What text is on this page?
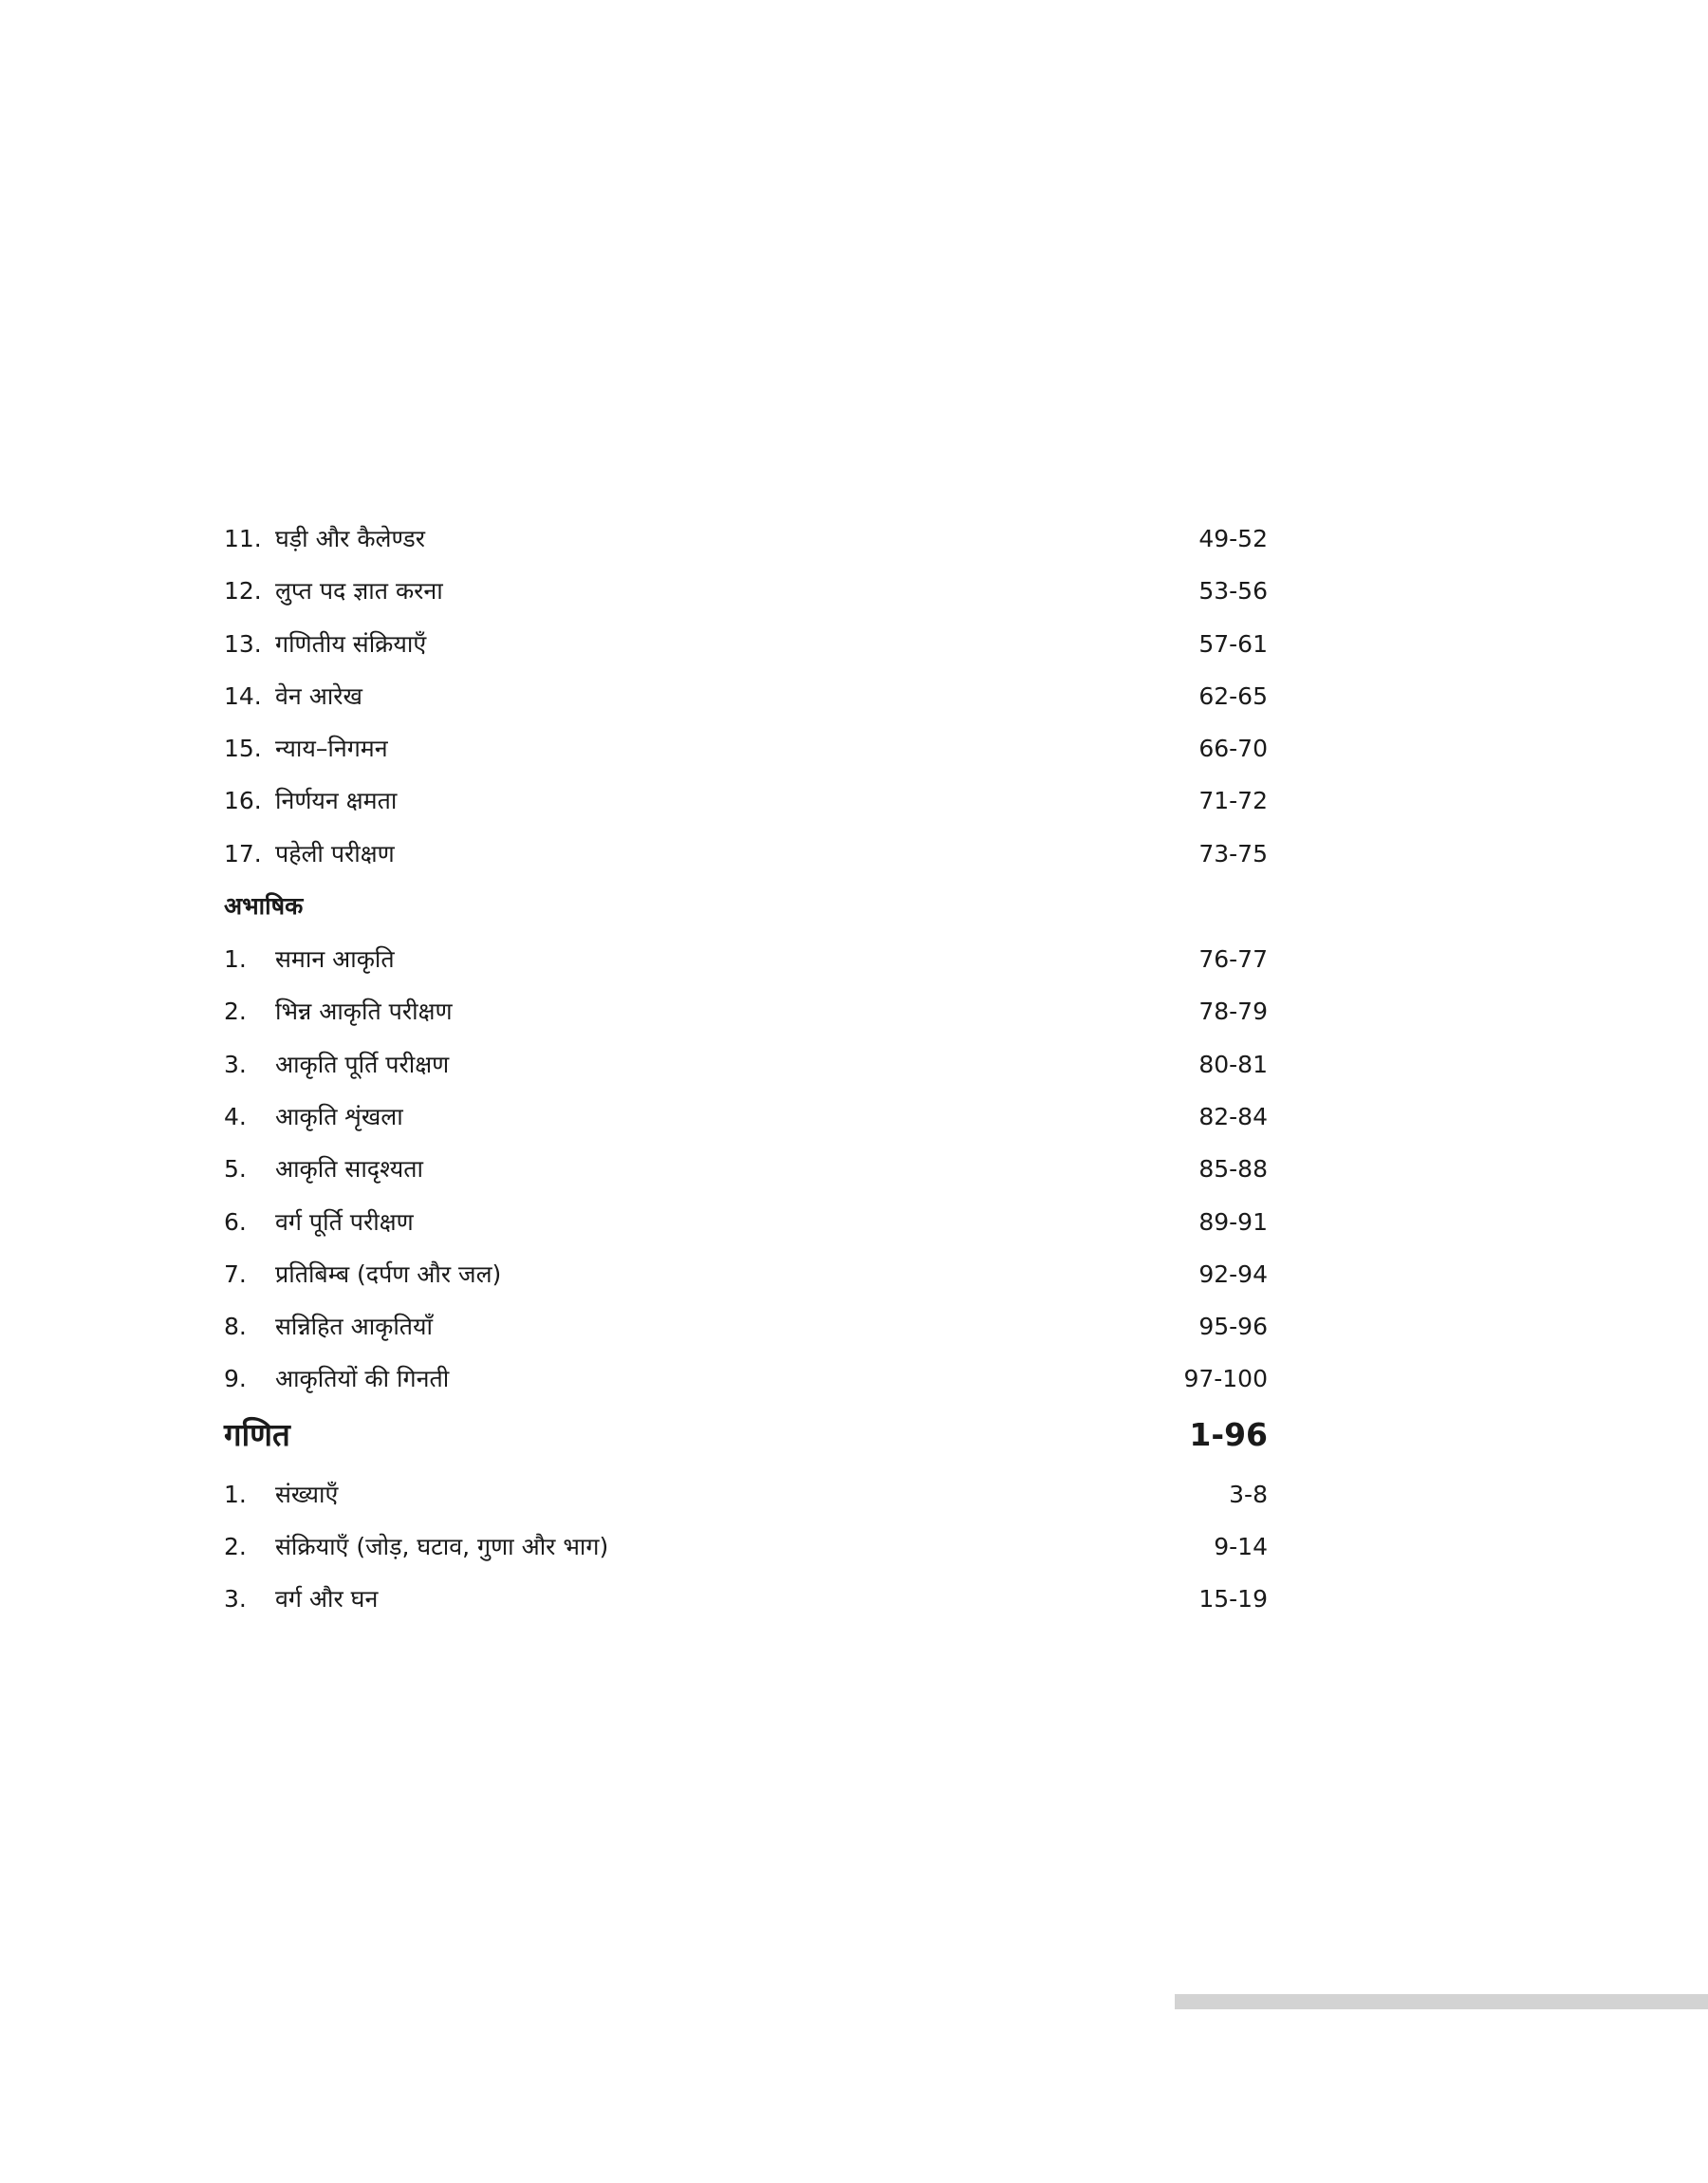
11. घड़ी और कैलेण्डर	49-52
12. लुप्त पद ज्ञात करना	53-56
13. गणितीय संक्रियाएँ	57-61
14. वेन आरेख	62-65
15. न्याय–निगमन	66-70
16. निर्णयन क्षमता	71-72
17. पहेली परीक्षण	73-75
अभाषिक
1. समान आकृति	76-77
2. भिन्न आकृति परीक्षण	78-79
3. आकृति पूर्ति परीक्षण	80-81
4. आकृति शृंखला	82-84
5. आकृति सादृश्यता	85-88
6. वर्ग पूर्ति परीक्षण	89-91
7. प्रतिबिम्ब (दर्पण और जल)	92-94
8. सन्निहित आकृतियाँ	95-96
9. आकृतियों की गिनती	97-100
गणित	1-96
1. संख्याएँ	3-8
2. संक्रियाएँ (जोड़, घटाव, गुणा और भाग)	9-14
3. वर्ग और घन	15-19
